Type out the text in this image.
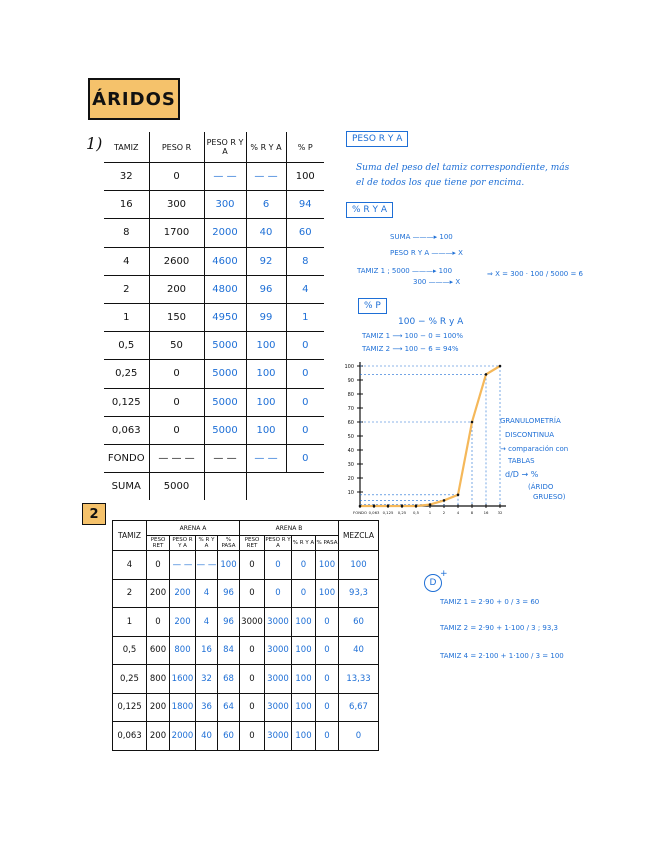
ÁRIDOS
1) TAMIZ	PESO R	PESO R Y A	% R Y A	% P
32	0	— —	— —	100
16	300	300	6	94
8	1700	2000	40	60
4	2600	4600	92	8
2	200	4800	96	4
1	150	4950	99	1
0,5	50	5000	100	0
0,25	0	5000	100	0
0,125	0	5000	100	0
0,063	0	5000	100	0
FONDO	— — —	— —	— —	0
SUMA	5000			
PESO R Y A
Suma del peso del tamiz correspondiente, más
el de todos los que tiene por encima.
% R Y A
SUMA ———▸ 100
PESO R Y A ———▸ X
TAMIZ 1 ; 5000 ———▸ 100
300 ———▸ X
⇒ X = 300 · 100 / 5000 = 6
% P
100 − % R y A
TAMIZ 1 ⟶ 100 − 0 = 100%
TAMIZ 2 ⟶ 100 − 6 = 94%
10
20
30
40
50
60
70
80
90
100
FONDO 0,063 0,125 0,25 0,5	1	2	4	8	16 32
GRANULOMETRÍA
DISCONTINUA
→ comparación con
TABLAS
d/D → %
(ÁRIDO
GRUESO)
2
TAMIZ	ARENA A				ARENA B				MEZCLA
	PESO RET	PESO R Y A	% R Y A	% PASA	PESO RET	PESO R Y A	% R Y A	% PASA	
4	0	— —	— —	100	0	0	0	100	100
2	200	200	4	96	0	0	0	100	93,3
1	0	200	4	96	3000	3000	100	0	60
0,5	600	800	16	84	0	3000	100	0	40
0,25	800	1600	32	68	0	3000	100	0	13,33
0,125	200	1800	36	64	0	3000	100	0	6,67
0,063	200	2000	40	60	0	3000	100	0	0
D
+
TAMIZ 1 = 2·90 + 0 / 3 = 60
TAMIZ 2 = 2·90 + 1·100 / 3 ; 93,3
TAMIZ 4 = 2·100 + 1·100 / 3 = 100
